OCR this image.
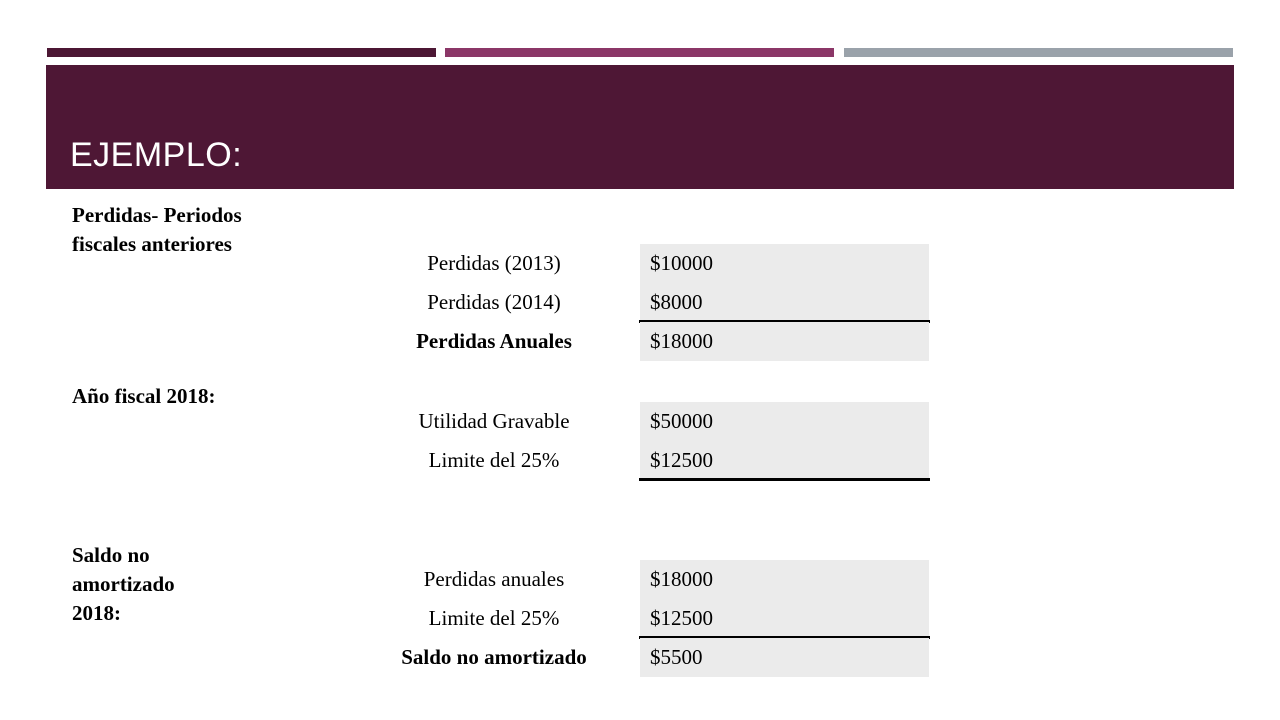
EJEMPLO:
Perdidas- Periodos fiscales anteriores
Perdidas (2013)	$10000
Perdidas (2014)	$8000
Perdidas Anuales	$18000
Año fiscal 2018:
Utilidad Gravable	$50000
Limite del 25%	$12500
Saldo no amortizado 2018:
Perdidas anuales	$18000
Limite del 25%	$12500
Saldo no amortizado	$5500
